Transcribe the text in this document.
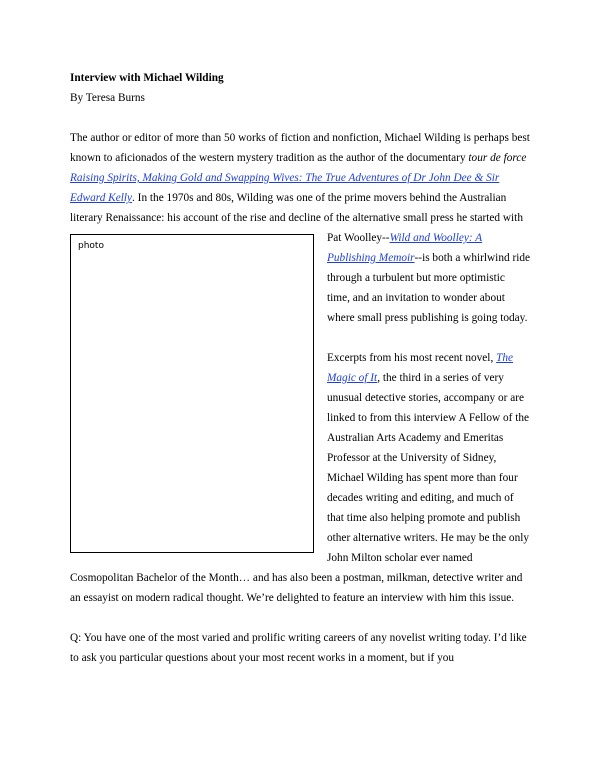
Interview with Michael Wilding

By Teresa Burns

The author or editor of more than 50 works of fiction and nonfiction, Michael Wilding is perhaps best known to aficionados of the western mystery tradition as the author of the documentary tour de force Raising Spirits, Making Gold and Swapping Wives: The True Adventures of Dr John Dee & Sir Edward Kelly. In the 1970s and 80s, Wilding was one of the prime movers behind the Australian literary Renaissance: his account of the rise and decline of the alternative small press he started with Pat Woolley--
photo
Wild and Woolley: A Publishing Memoir--is both a whirlwind ride through a turbulent but more optimistic time, and an invitation to wonder about where small press publishing is going today.

Excerpts from his most recent novel, The Magic of It, the third in a series of very unusual detective stories, accompany or are linked to from this interview A Fellow of the Australian Arts Academy and Emeritas Professor at the University of Sidney, Michael Wilding has spent more than four decades writing and editing, and much of that time also helping promote and publish other alternative writers. He may be the only John Milton scholar ever named Cosmopolitan Bachelor of the Month… and has also been a postman, milkman, detective writer and an essayist on modern radical thought. We’re delighted to feature an interview with him this issue.

Q: You have one of the most varied and prolific writing careers of any novelist writing today. I’d like to ask you particular questions about your most recent works in a moment, but if you
